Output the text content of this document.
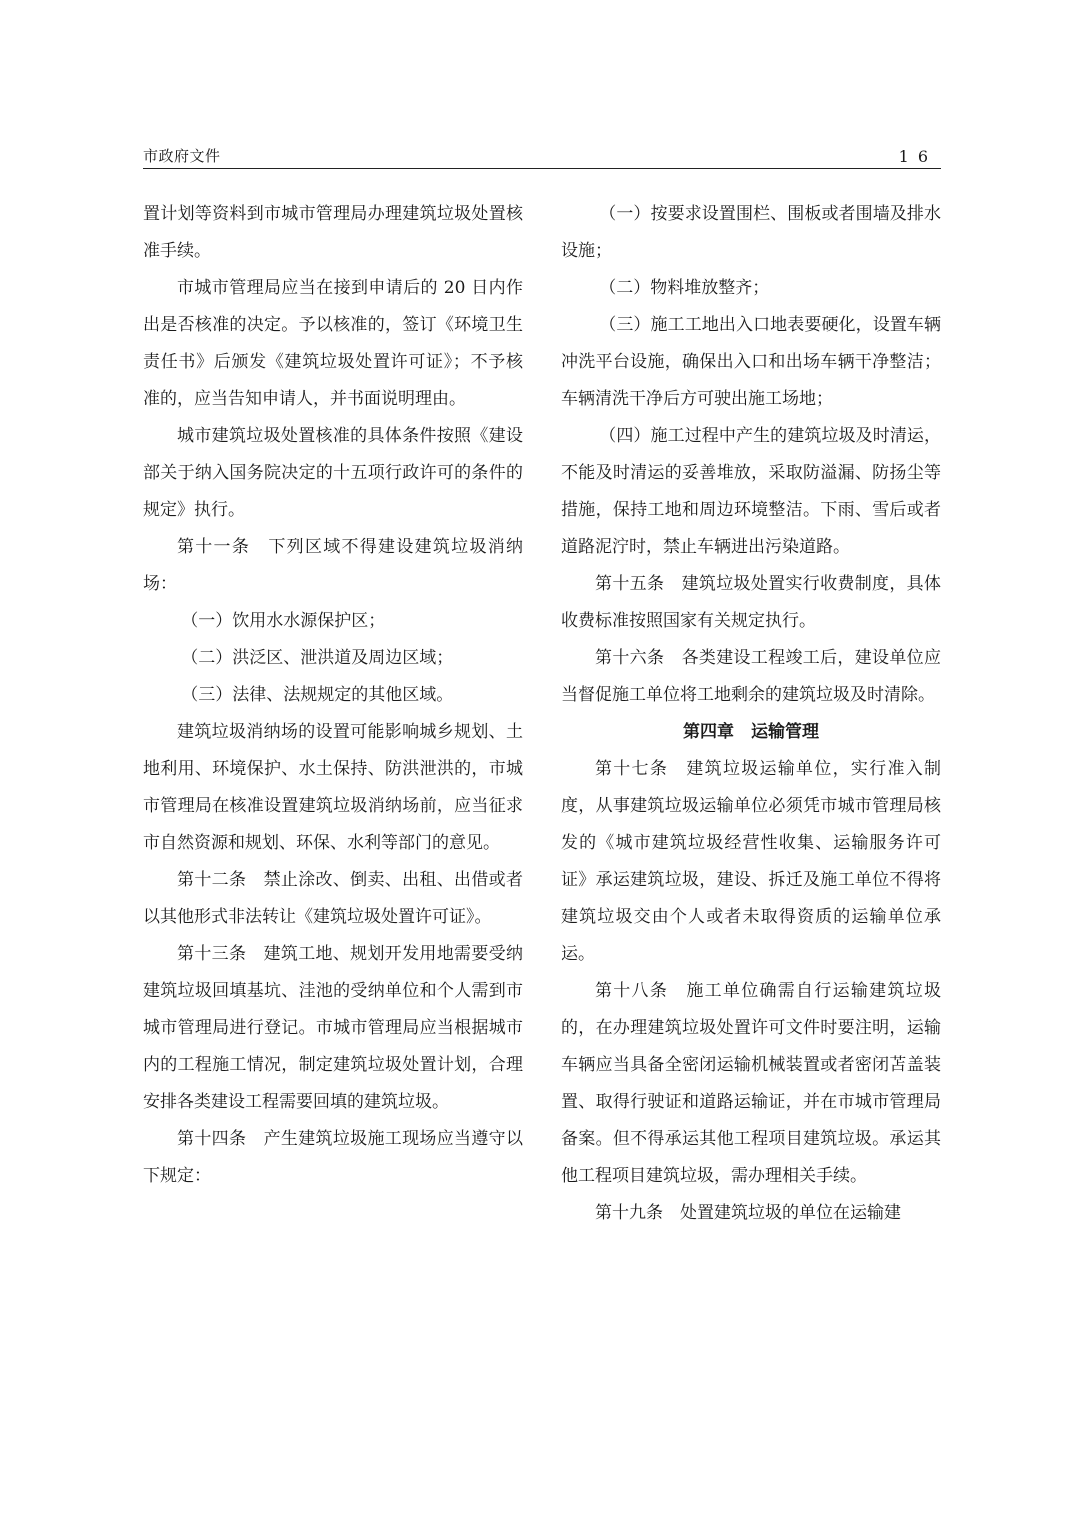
市政府文件	16

置计划等资料到市城市管理局办理建筑垃圾处置核准手续。

市城市管理局应当在接到申请后的 20 日内作出是否核准的决定。予以核准的，签订《环境卫生责任书》后颁发《建筑垃圾处置许可证》；不予核准的，应当告知申请人，并书面说明理由。

城市建筑垃圾处置核准的具体条件按照《建设部关于纳入国务院决定的十五项行政许可的条件的规定》执行。

第十一条　下列区域不得建设建筑垃圾消纳场：

（一）饮用水水源保护区；

（二）洪泛区、泄洪道及周边区域；

（三）法律、法规规定的其他区域。

建筑垃圾消纳场的设置可能影响城乡规划、土地利用、环境保护、水土保持、防洪泄洪的，市城市管理局在核准设置建筑垃圾消纳场前，应当征求市自然资源和规划、环保、水利等部门的意见。

第十二条　禁止涂改、倒卖、出租、出借或者以其他形式非法转让《建筑垃圾处置许可证》。

第十三条　建筑工地、规划开发用地需要受纳建筑垃圾回填基坑、洼池的受纳单位和个人需到市城市管理局进行登记。市城市管理局应当根据城市内的工程施工情况，制定建筑垃圾处置计划，合理安排各类建设工程需要回填的建筑垃圾。

第十四条　产生建筑垃圾施工现场应当遵守以下规定：

（一）按要求设置围栏、围板或者围墙及排水设施；

（二）物料堆放整齐；

（三）施工工地出入口地表要硬化，设置车辆冲洗平台设施，确保出入口和出场车辆干净整洁；车辆清洗干净后方可驶出施工场地；

（四）施工过程中产生的建筑垃圾及时清运，不能及时清运的妥善堆放，采取防溢漏、防扬尘等措施，保持工地和周边环境整洁。下雨、雪后或者道路泥泞时，禁止车辆进出污染道路。

第十五条　建筑垃圾处置实行收费制度，具体收费标准按照国家有关规定执行。

第十六条　各类建设工程竣工后，建设单位应当督促施工单位将工地剩余的建筑垃圾及时清除。

第四章　运输管理

第十七条　建筑垃圾运输单位，实行准入制度，从事建筑垃圾运输单位必须凭市城市管理局核发的《城市建筑垃圾经营性收集、运输服务许可证》承运建筑垃圾，建设、拆迁及施工单位不得将建筑垃圾交由个人或者未取得资质的运输单位承运。

第十八条　施工单位确需自行运输建筑垃圾的，在办理建筑垃圾处置许可文件时要注明，运输车辆应当具备全密闭运输机械装置或者密闭苫盖装置、取得行驶证和道路运输证，并在市城市管理局备案。但不得承运其他工程项目建筑垃圾。承运其他工程项目建筑垃圾，需办理相关手续。

第十九条　处置建筑垃圾的单位在运输建
